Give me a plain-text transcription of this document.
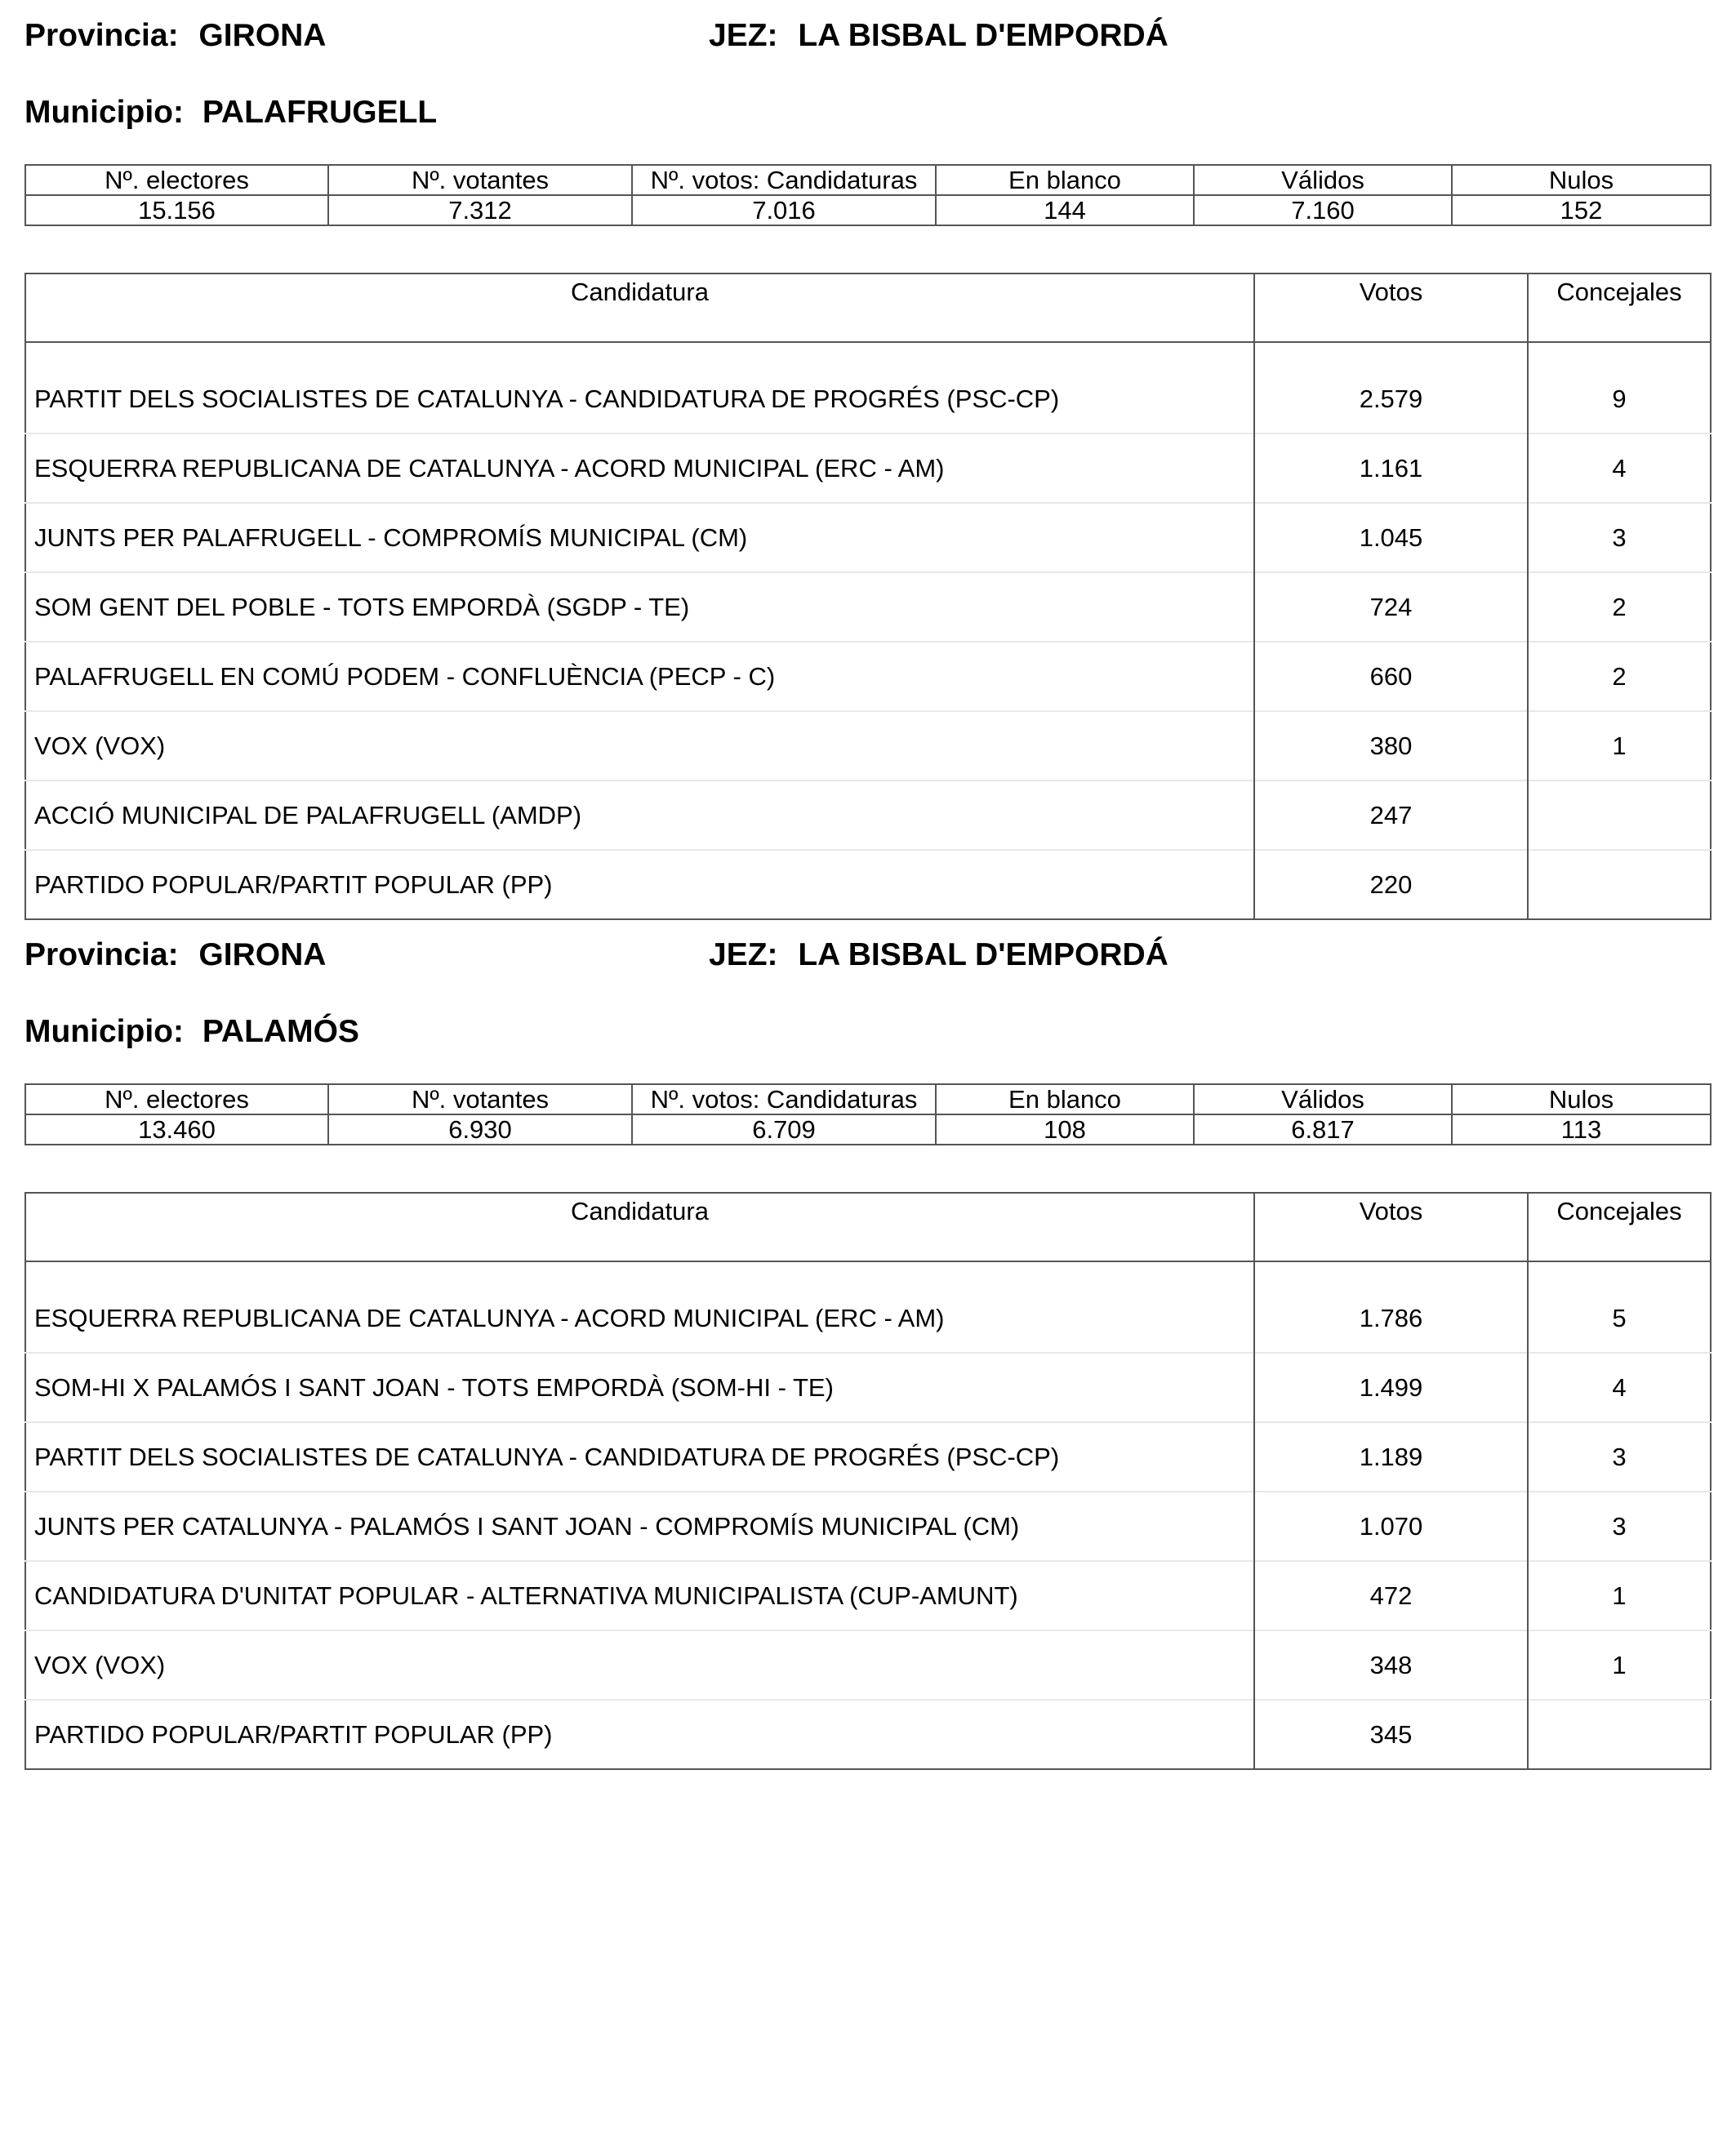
Provincia: GIRONA	JEZ: LA BISBAL D'EMPORDÁ
Municipio: PALAFRUGELL
Nº. electores	Nº. votantes	Nº. votos: Candidaturas	En blanco	Válidos	Nulos
15.156	7.312	7.016	144	7.160	152
Candidatura	Votos	Concejales
PARTIT DELS SOCIALISTES DE CATALUNYA - CANDIDATURA DE PROGRÉS (PSC-CP)	2.579	9
ESQUERRA REPUBLICANA DE CATALUNYA - ACORD MUNICIPAL (ERC - AM)	1.161	4
JUNTS PER PALAFRUGELL - COMPROMÍS MUNICIPAL (CM)	1.045	3
SOM GENT DEL POBLE - TOTS EMPORDÀ (SGDP - TE)	724	2
PALAFRUGELL EN COMÚ PODEM - CONFLUÈNCIA (PECP - C)	660	2
VOX (VOX)	380	1
ACCIÓ MUNICIPAL DE PALAFRUGELL (AMDP)	247	
PARTIDO POPULAR/PARTIT POPULAR (PP)	220	
Provincia: GIRONA	JEZ: LA BISBAL D'EMPORDÁ
Municipio: PALAMÓS
Nº. electores	Nº. votantes	Nº. votos: Candidaturas	En blanco	Válidos	Nulos
13.460	6.930	6.709	108	6.817	113
Candidatura	Votos	Concejales
ESQUERRA REPUBLICANA DE CATALUNYA - ACORD MUNICIPAL (ERC - AM)	1.786	5
SOM-HI X PALAMÓS I SANT JOAN - TOTS EMPORDÀ (SOM-HI - TE)	1.499	4
PARTIT DELS SOCIALISTES DE CATALUNYA - CANDIDATURA DE PROGRÉS (PSC-CP)	1.189	3
JUNTS PER CATALUNYA - PALAMÓS I SANT JOAN - COMPROMÍS MUNICIPAL (CM)	1.070	3
CANDIDATURA D'UNITAT POPULAR - ALTERNATIVA MUNICIPALISTA (CUP-AMUNT)	472	1
VOX (VOX)	348	1
PARTIDO POPULAR/PARTIT POPULAR (PP)	345	
